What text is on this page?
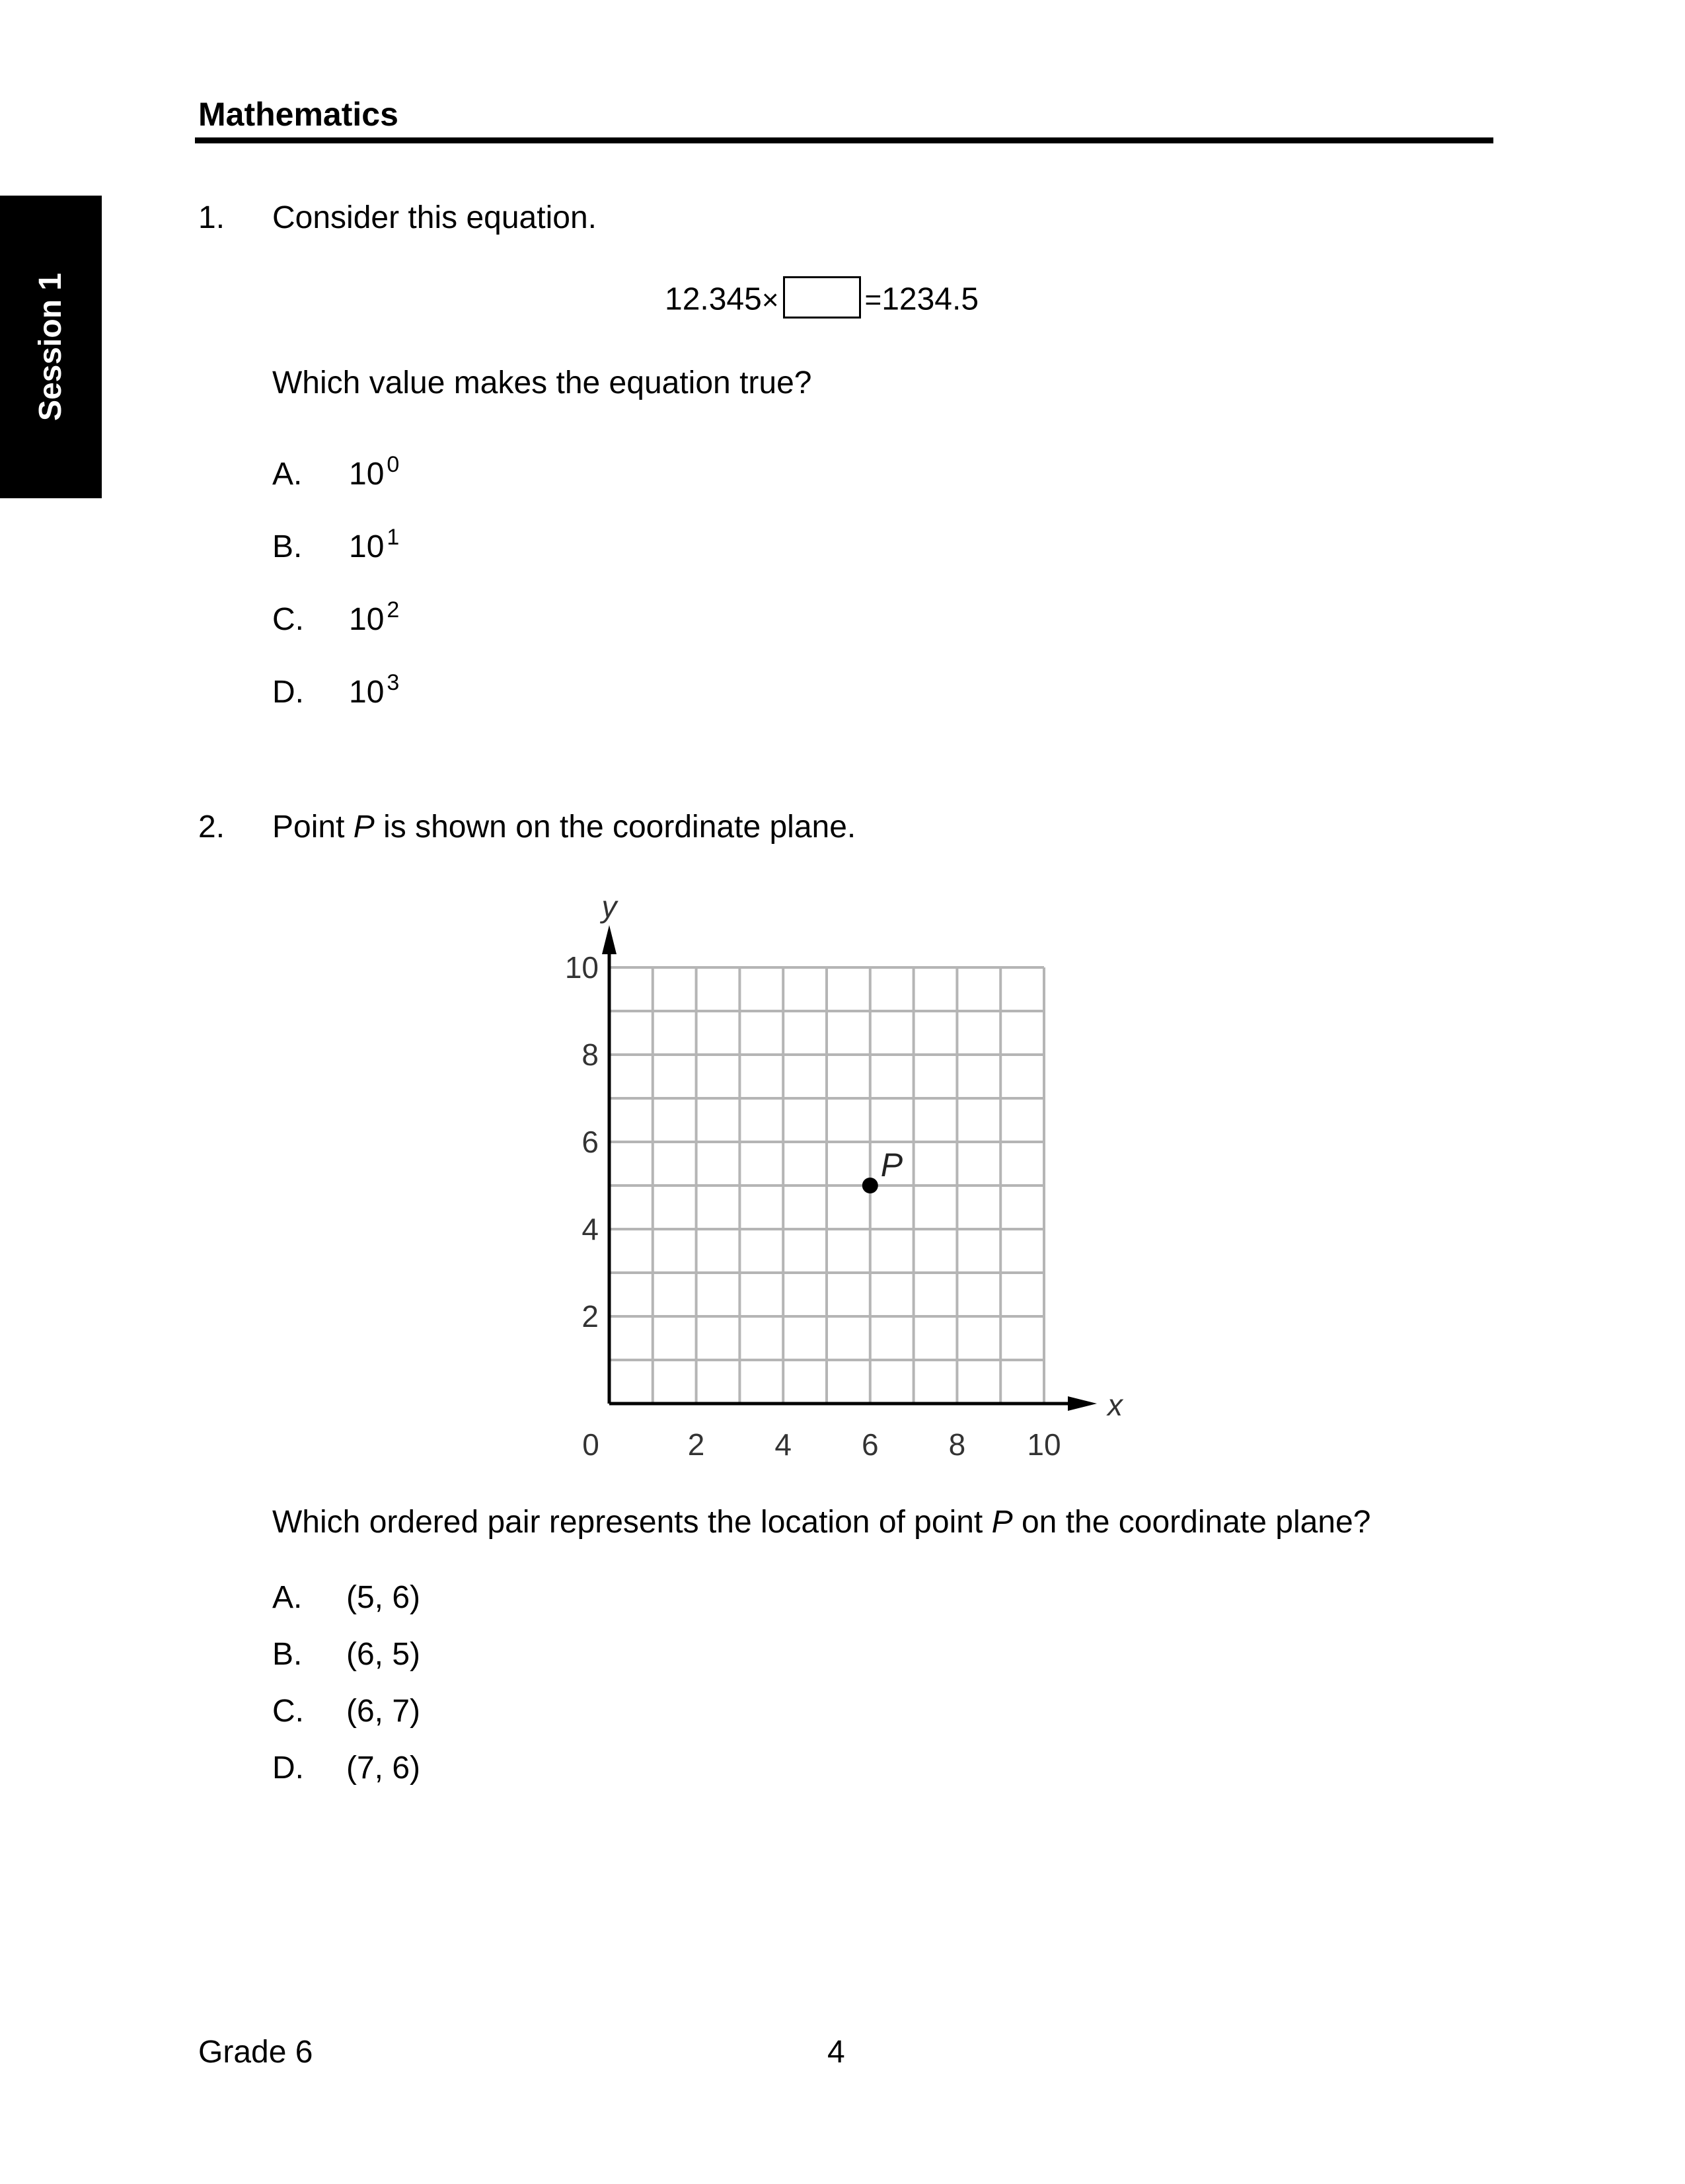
Mathematics
Session 1
1. Consider this equation.
12.345×	=1234.5
Which value makes the equation true?
A. 10 $^0$
B. 10 $^1$
C. 10 $^2$
D. 10 $^3$
2. Point P is shown on the coordinate plane.
0	2 4 6 8 10
2
4
6
8
10
x
y
P
Which ordered pair represents the location of point P on the coordinate plane?
A. (5, 6)
B. (6, 5)
C. (6, 7)
D. (7, 6)
Grade 6	4
